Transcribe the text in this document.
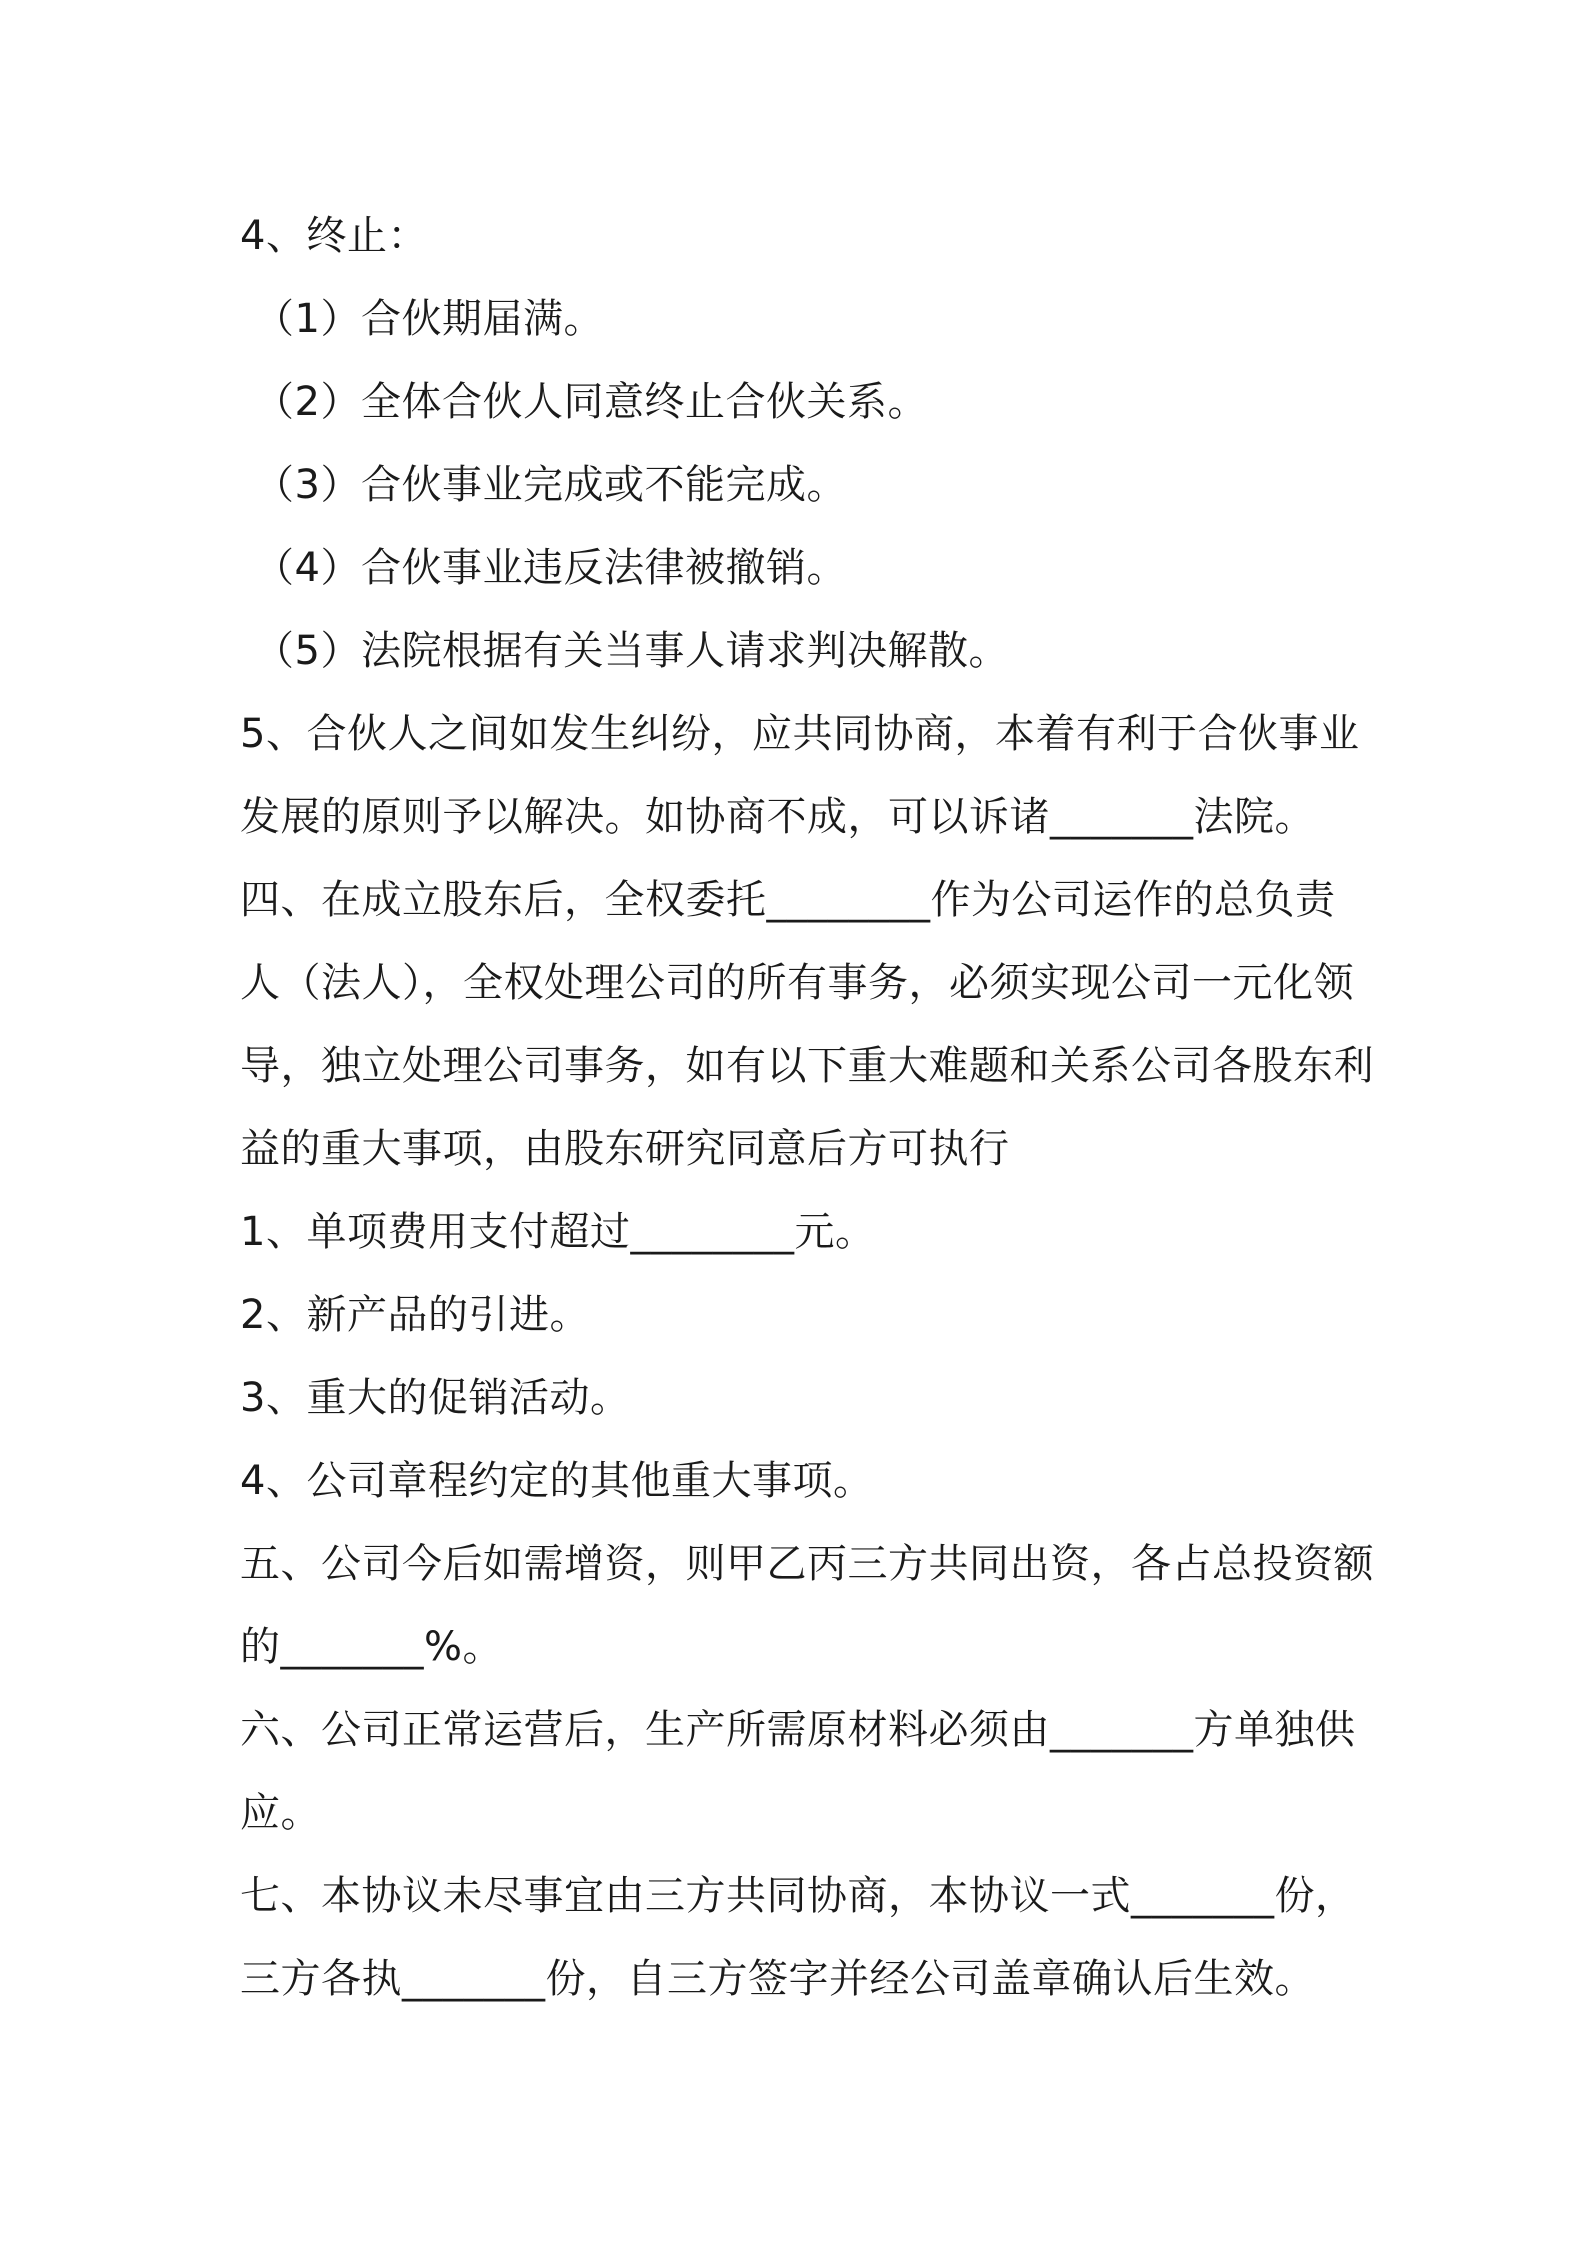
4、终止：
（1）合伙期届满。
（2）全体合伙人同意终止合伙关系。
（3）合伙事业完成或不能完成。
（4）合伙事业违反法律被撤销。
（5）法院根据有关当事人请求判决解散。
5、合伙人之间如发生纠纷，应共同协商，本着有利于合伙事业
发展的原则予以解决。如协商不成，可以诉诸_______法院。
四、在成立股东后，全权委托________作为公司运作的总负责
人（法人），全权处理公司的所有事务，必须实现公司一元化领
导，独立处理公司事务，如有以下重大难题和关系公司各股东利
益的重大事项，由股东研究同意后方可执行
1、单项费用支付超过________元。
2、新产品的引进。
3、重大的促销活动。
4、公司章程约定的其他重大事项。
五、公司今后如需增资，则甲乙丙三方共同出资，各占总投资额
的_______%。
六、公司正常运营后，生产所需原材料必须由_______方单独供
应。
七、本协议未尽事宜由三方共同协商，本协议一式_______份，
三方各执_______份，自三方签字并经公司盖章确认后生效。
